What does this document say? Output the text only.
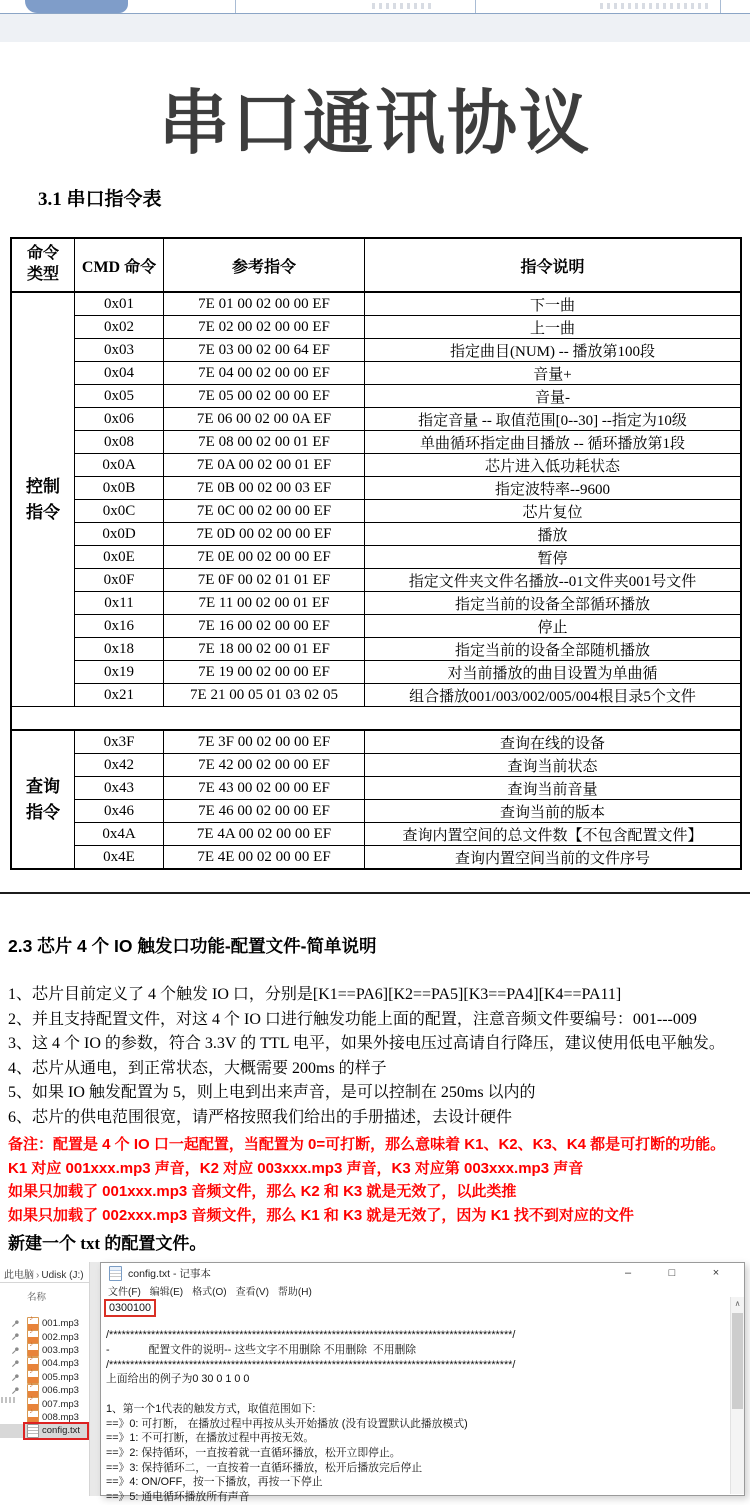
串口通讯协议
3.1 串口指令表
命令类型	CMD 命令	参考指令	指令说明
控制指令
0x01	7E 01 00 02 00 00 EF	下一曲
0x02	7E 02 00 02 00 00 EF	上一曲
0x03	7E 03 00 02 00 64 EF	指定曲目(NUM) -- 播放第100段
0x04	7E 04 00 02 00 00 EF	音量+
0x05	7E 05 00 02 00 00 EF	音量-
0x06	7E 06 00 02 00 0A EF	指定音量 -- 取值范围[0--30] --指定为10级
0x08	7E 08 00 02 00 01 EF	单曲循环指定曲目播放 -- 循环播放第1段
0x0A	7E 0A 00 02 00 01 EF	芯片进入低功耗状态
0x0B	7E 0B 00 02 00 03 EF	指定波特率--9600
0x0C	7E 0C 00 02 00 00 EF	芯片复位
0x0D	7E 0D 00 02 00 00 EF	播放
0x0E	7E 0E 00 02 00 00 EF	暂停
0x0F	7E 0F 00 02 01 01 EF	指定文件夹文件名播放--01文件夹001号文件
0x11	7E 11 00 02 00 01 EF	指定当前的设备全部循环播放
0x16	7E 16 00 02 00 00 EF	停止
0x18	7E 18 00 02 00 01 EF	指定当前的设备全部随机播放
0x19	7E 19 00 02 00 00 EF	对当前播放的曲目设置为单曲循
0x21	7E 21 00 05 01 03 02 05	组合播放001/003/002/005/004根目录5个文件
查询指令
0x3F	7E 3F 00 02 00 00 EF	查询在线的设备
0x42	7E 42 00 02 00 00 EF	查询当前状态
0x43	7E 43 00 02 00 00 EF	查询当前音量
0x46	7E 46 00 02 00 00 EF	查询当前的版本
0x4A	7E 4A 00 02 00 00 EF	查询内置空间的总文件数【不包含配置文件】
0x4E	7E 4E 00 02 00 00 EF	查询内置空间当前的文件序号
2.3 芯片 4 个 IO 触发口功能-配置文件-简单说明
1、芯片目前定义了 4 个触发 IO 口，分别是[K1==PA6][K2==PA5][K3==PA4][K4==PA11]
2、并且支持配置文件，对这 4 个 IO 口进行触发功能上面的配置，注意音频文件要编号：001---009
3、这 4 个 IO 的参数，符合 3.3V 的 TTL 电平，如果外接电压过高请自行降压，建议使用低电平触发。
4、芯片从通电，到正常状态，大概需要 200ms 的样子
5、如果 IO 触发配置为 5，则上电到出来声音，是可以控制在 250ms 以内的
6、芯片的供电范围很宽，请严格按照我们给出的手册描述，去设计硬件
备注：配置是 4 个 IO 口一起配置，当配置为 0=可打断，那么意味着 K1、K2、K3、K4 都是可打断的功能。
K1 对应 001xxx.mp3 声音，K2 对应 003xxx.mp3 声音，K3 对应第 003xxx.mp3 声音
如果只加载了 001xxx.mp3 音频文件，那么 K2 和 K3 就是无效了，以此类推
如果只加载了 002xxx.mp3 音频文件，那么 K1 和 K3 就是无效了，因为 K1 找不到对应的文件
新建一个 txt 的配置文件。
此电脑 › Udisk (J:)
名称
♪
001.mp3
♪
002.mp3
♪
003.mp3
♪
004.mp3
♪
005.mp3
♪
006.mp3
♪
007.mp3
♪
008.mp3
config.txt
config.txt - 记事本	–	□	×
文件(F) 编辑(E) 格式(O) 查看(V) 帮助(H)
0300100
/************************************************************************************************/
-             配置文件的说明-- 这些文字不用删除 不用删除  不用删除
/************************************************************************************************/
上面给出的例子为0 30 0 1 0 0
1、第一个1代表的触发方式，取值范围如下:
==》0: 可打断， 在播放过程中再按从头开始播放 (没有设置默认此播放模式)
==》1: 不可打断，在播放过程中再按无效。
==》2: 保持循环，一直按着就一直循环播放，松开立即停止。
==》3: 保持循环二，一直按着一直循环播放，松开后播放完后停止
==》4: ON/OFF，按一下播放，再按一下停止
==》5: 通电循环播放所有声音
∧
